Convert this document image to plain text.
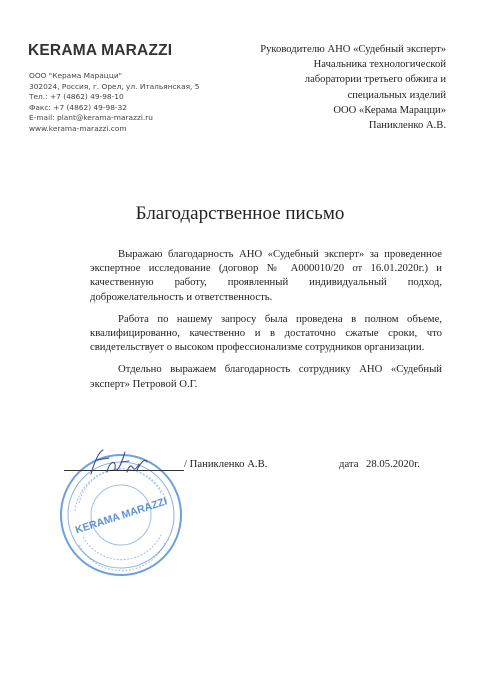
KERAMA MARAZZI
ООО "Керама Марацци"
302024, Россия, г. Орел, ул. Итальянская, 5
Тел.: +7 (4862) 49-98-10
Факс: +7 (4862) 49-98-32
E-mail: plant@kerama-marazzi.ru
www.kerama-marazzi.com
Руководителю АНО «Судебный эксперт»
Начальника технологической
лаборатории третьего обжига и
специальных изделий
ООО «Керама Марацци»
Паникленко А.В.
Благодарственное письмо

Выражаю благодарность АНО «Судебный эксперт» за проведенное экспертное исследование (договор № А000010/20 от 16.01.2020г.) и качественную работу, проявленный индивидуальный подход, доброжелательность и ответственность.

Работа по нашему запросу была проведена в полном объеме, квалифицированно, качественно и в достаточно сжатые сроки, что свидетельствует о высоком профессионализме сотрудников организации.

Отдельно выражаем благодарность сотруднику АНО «Судебный эксперт» Петровой О.Г.

KERAMA MARAZZI
/ Паникленко А.В.	дата 28.05.2020г.
